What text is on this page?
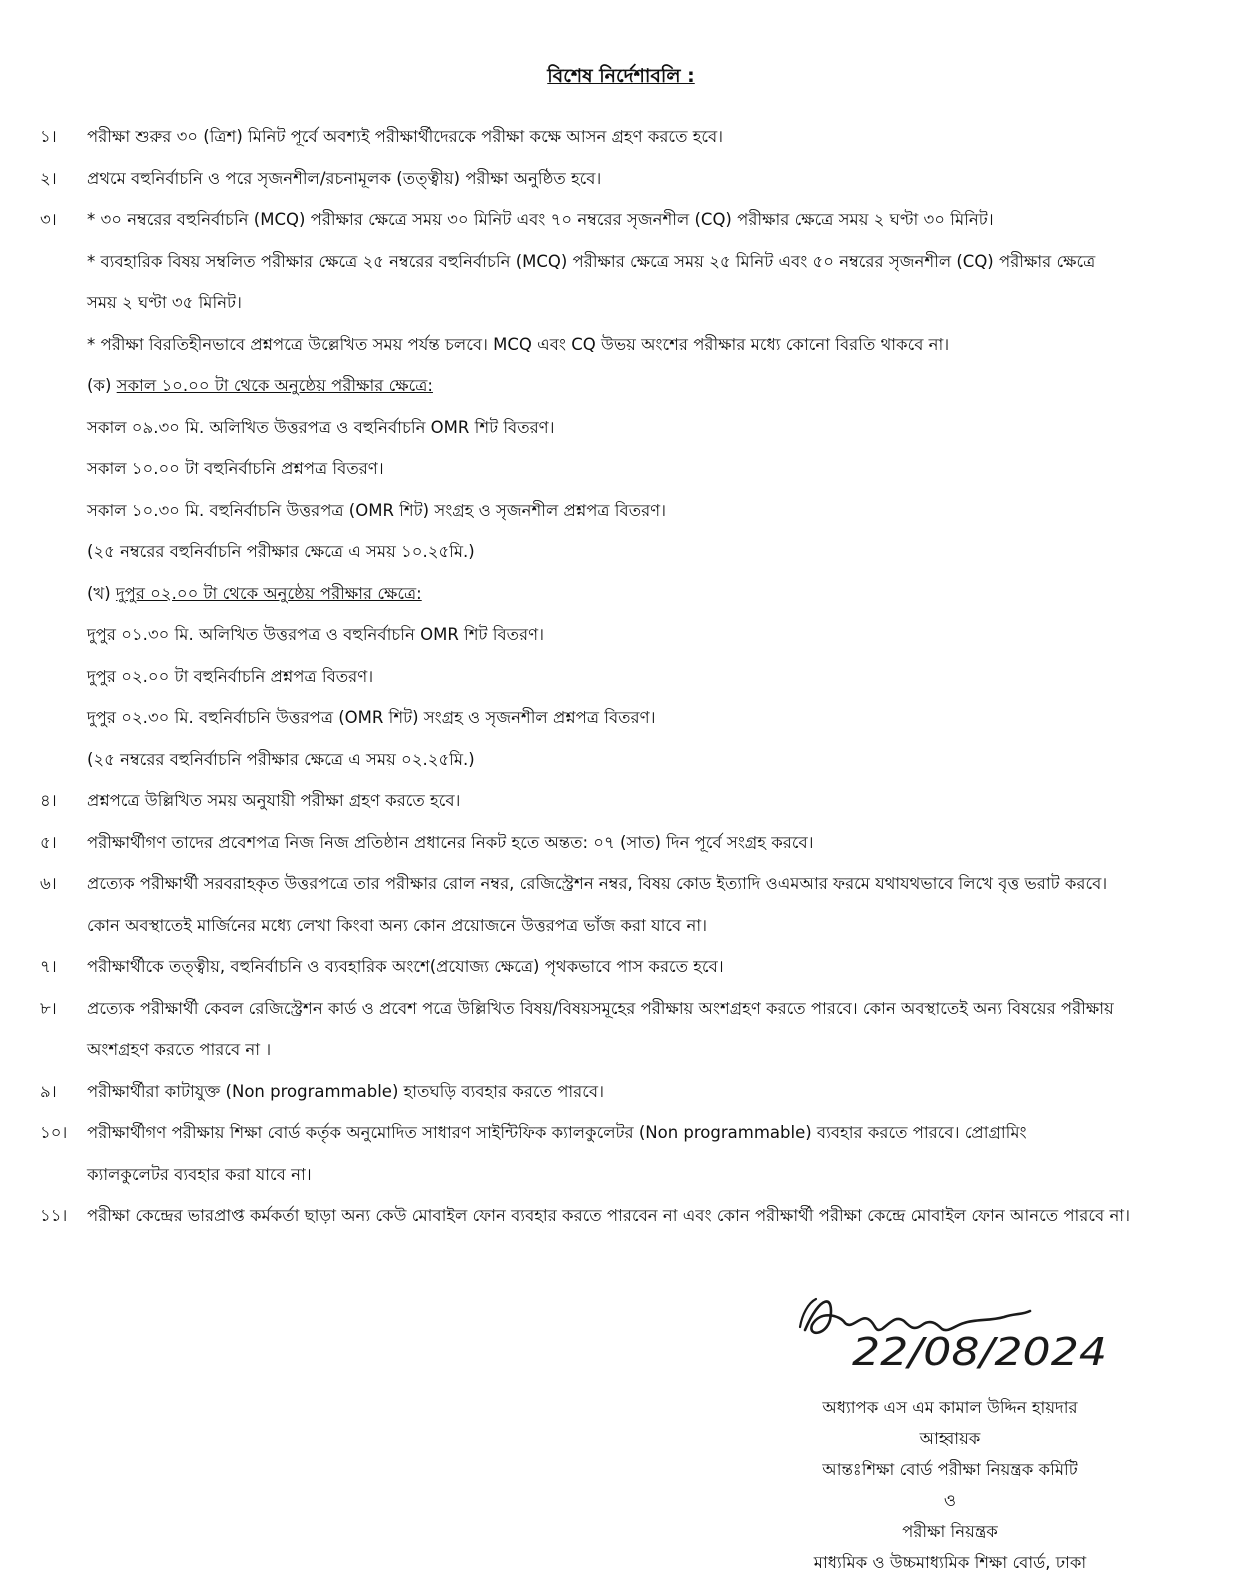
বিশেষ নির্দেশাবলি :
১।	পরীক্ষা শুরুর ৩০ (ত্রিশ) মিনিট পূর্বে অবশ্যই পরীক্ষার্থীদেরকে পরীক্ষা কক্ষে আসন গ্রহণ করতে হবে।
২।	প্রথমে বহুনির্বাচনি ও পরে সৃজনশীল/রচনামূলক (তত্ত্বীয়) পরীক্ষা অনুষ্ঠিত হবে।
৩।	* ৩০ নম্বরের বহুনির্বাচনি (MCQ) পরীক্ষার ক্ষেত্রে সময় ৩০ মিনিট এবং ৭০ নম্বরের সৃজনশীল (CQ) পরীক্ষার ক্ষেত্রে সময় ২ ঘণ্টা ৩০ মিনিট।
* ব্যবহারিক বিষয় সম্বলিত পরীক্ষার ক্ষেত্রে ২৫ নম্বরের বহুনির্বাচনি (MCQ) পরীক্ষার ক্ষেত্রে সময় ২৫ মিনিট এবং ৫০ নম্বরের সৃজনশীল (CQ) পরীক্ষার ক্ষেত্রে
সময় ২ ঘণ্টা ৩৫ মিনিট।
* পরীক্ষা বিরতিহীনভাবে প্রশ্নপত্রে উল্লেখিত সময় পর্যন্ত চলবে। MCQ এবং CQ উভয় অংশের পরীক্ষার মধ্যে কোনো বিরতি থাকবে না।
(ক) সকাল ১০.০০ টা থেকে অনুষ্ঠেয় পরীক্ষার ক্ষেত্রে:
সকাল ০৯.৩০ মি. অলিখিত উত্তরপত্র ও বহুনির্বাচনি OMR শিট বিতরণ।
সকাল ১০.০০ টা বহুনির্বাচনি প্রশ্নপত্র বিতরণ।
সকাল ১০.৩০ মি. বহুনির্বাচনি উত্তরপত্র (OMR শিট) সংগ্রহ ও সৃজনশীল প্রশ্নপত্র বিতরণ।
(২৫ নম্বরের বহুনির্বাচনি পরীক্ষার ক্ষেত্রে এ সময় ১০.২৫মি.)
(খ) দুপুর ০২.০০ টা থেকে অনুষ্ঠেয় পরীক্ষার ক্ষেত্রে:
দুপুর ০১.৩০ মি. অলিখিত উত্তরপত্র ও বহুনির্বাচনি OMR শিট বিতরণ।
দুপুর ০২.০০ টা বহুনির্বাচনি প্রশ্নপত্র বিতরণ।
দুপুর ০২.৩০ মি. বহুনির্বাচনি উত্তরপত্র (OMR শিট) সংগ্রহ ও সৃজনশীল প্রশ্নপত্র বিতরণ।
(২৫ নম্বরের বহুনির্বাচনি পরীক্ষার ক্ষেত্রে এ সময় ০২.২৫মি.)
৪।	প্রশ্নপত্রে উল্লিখিত সময় অনুযায়ী পরীক্ষা গ্রহণ করতে হবে।
৫।	পরীক্ষার্থীগণ তাদের প্রবেশপত্র নিজ নিজ প্রতিষ্ঠান প্রধানের নিকট হতে অন্তত: ০৭ (সাত) দিন পূর্বে সংগ্রহ করবে।
৬।	প্রত্যেক পরীক্ষার্থী সরবরাহকৃত উত্তরপত্রে তার পরীক্ষার রোল নম্বর, রেজিস্ট্রেশন নম্বর, বিষয় কোড ইত্যাদি ওএমআর ফরমে যথাযথভাবে লিখে বৃত্ত ভরাট করবে।
কোন অবস্থাতেই মার্জিনের মধ্যে লেখা কিংবা অন্য কোন প্রয়োজনে উত্তরপত্র ভাঁজ করা যাবে না।
৭।	পরীক্ষার্থীকে তত্ত্বীয়, বহুনির্বাচনি ও ব্যবহারিক অংশে(প্রযোজ্য ক্ষেত্রে) পৃথকভাবে পাস করতে হবে।
৮।	প্রত্যেক পরীক্ষার্থী কেবল রেজিস্ট্রেশন কার্ড ও প্রবেশ পত্রে উল্লিখিত বিষয়/বিষয়সমূহের পরীক্ষায় অংশগ্রহণ করতে পারবে। কোন অবস্থাতেই অন্য বিষয়ের পরীক্ষায়
অংশগ্রহণ করতে পারবে না ।
৯।	পরীক্ষার্থীরা কাটাযুক্ত (Non programmable) হাতঘড়ি ব্যবহার করতে পারবে।
১০।	পরীক্ষার্থীগণ পরীক্ষায় শিক্ষা বোর্ড কর্তৃক অনুমোদিত সাধারণ সাইন্টিফিক ক্যালকুলেটর (Non programmable) ব্যবহার করতে পারবে। প্রোগ্রামিং
ক্যালকুলেটর ব্যবহার করা যাবে না।
১১।	পরীক্ষা কেন্দ্রের ভারপ্রাপ্ত কর্মকর্তা ছাড়া অন্য কেউ মোবাইল ফোন ব্যবহার করতে পারবেন না এবং কোন পরীক্ষার্থী পরীক্ষা কেন্দ্রে মোবাইল ফোন আনতে পারবে না।
22/08/2024
অধ্যাপক এস এম কামাল উদ্দিন হায়দার
আহ্বায়ক
আন্তঃশিক্ষা বোর্ড পরীক্ষা নিয়ন্ত্রক কমিটি
ও
পরীক্ষা নিয়ন্ত্রক
মাধ্যমিক ও উচ্চমাধ্যমিক শিক্ষা বোর্ড, ঢাকা
